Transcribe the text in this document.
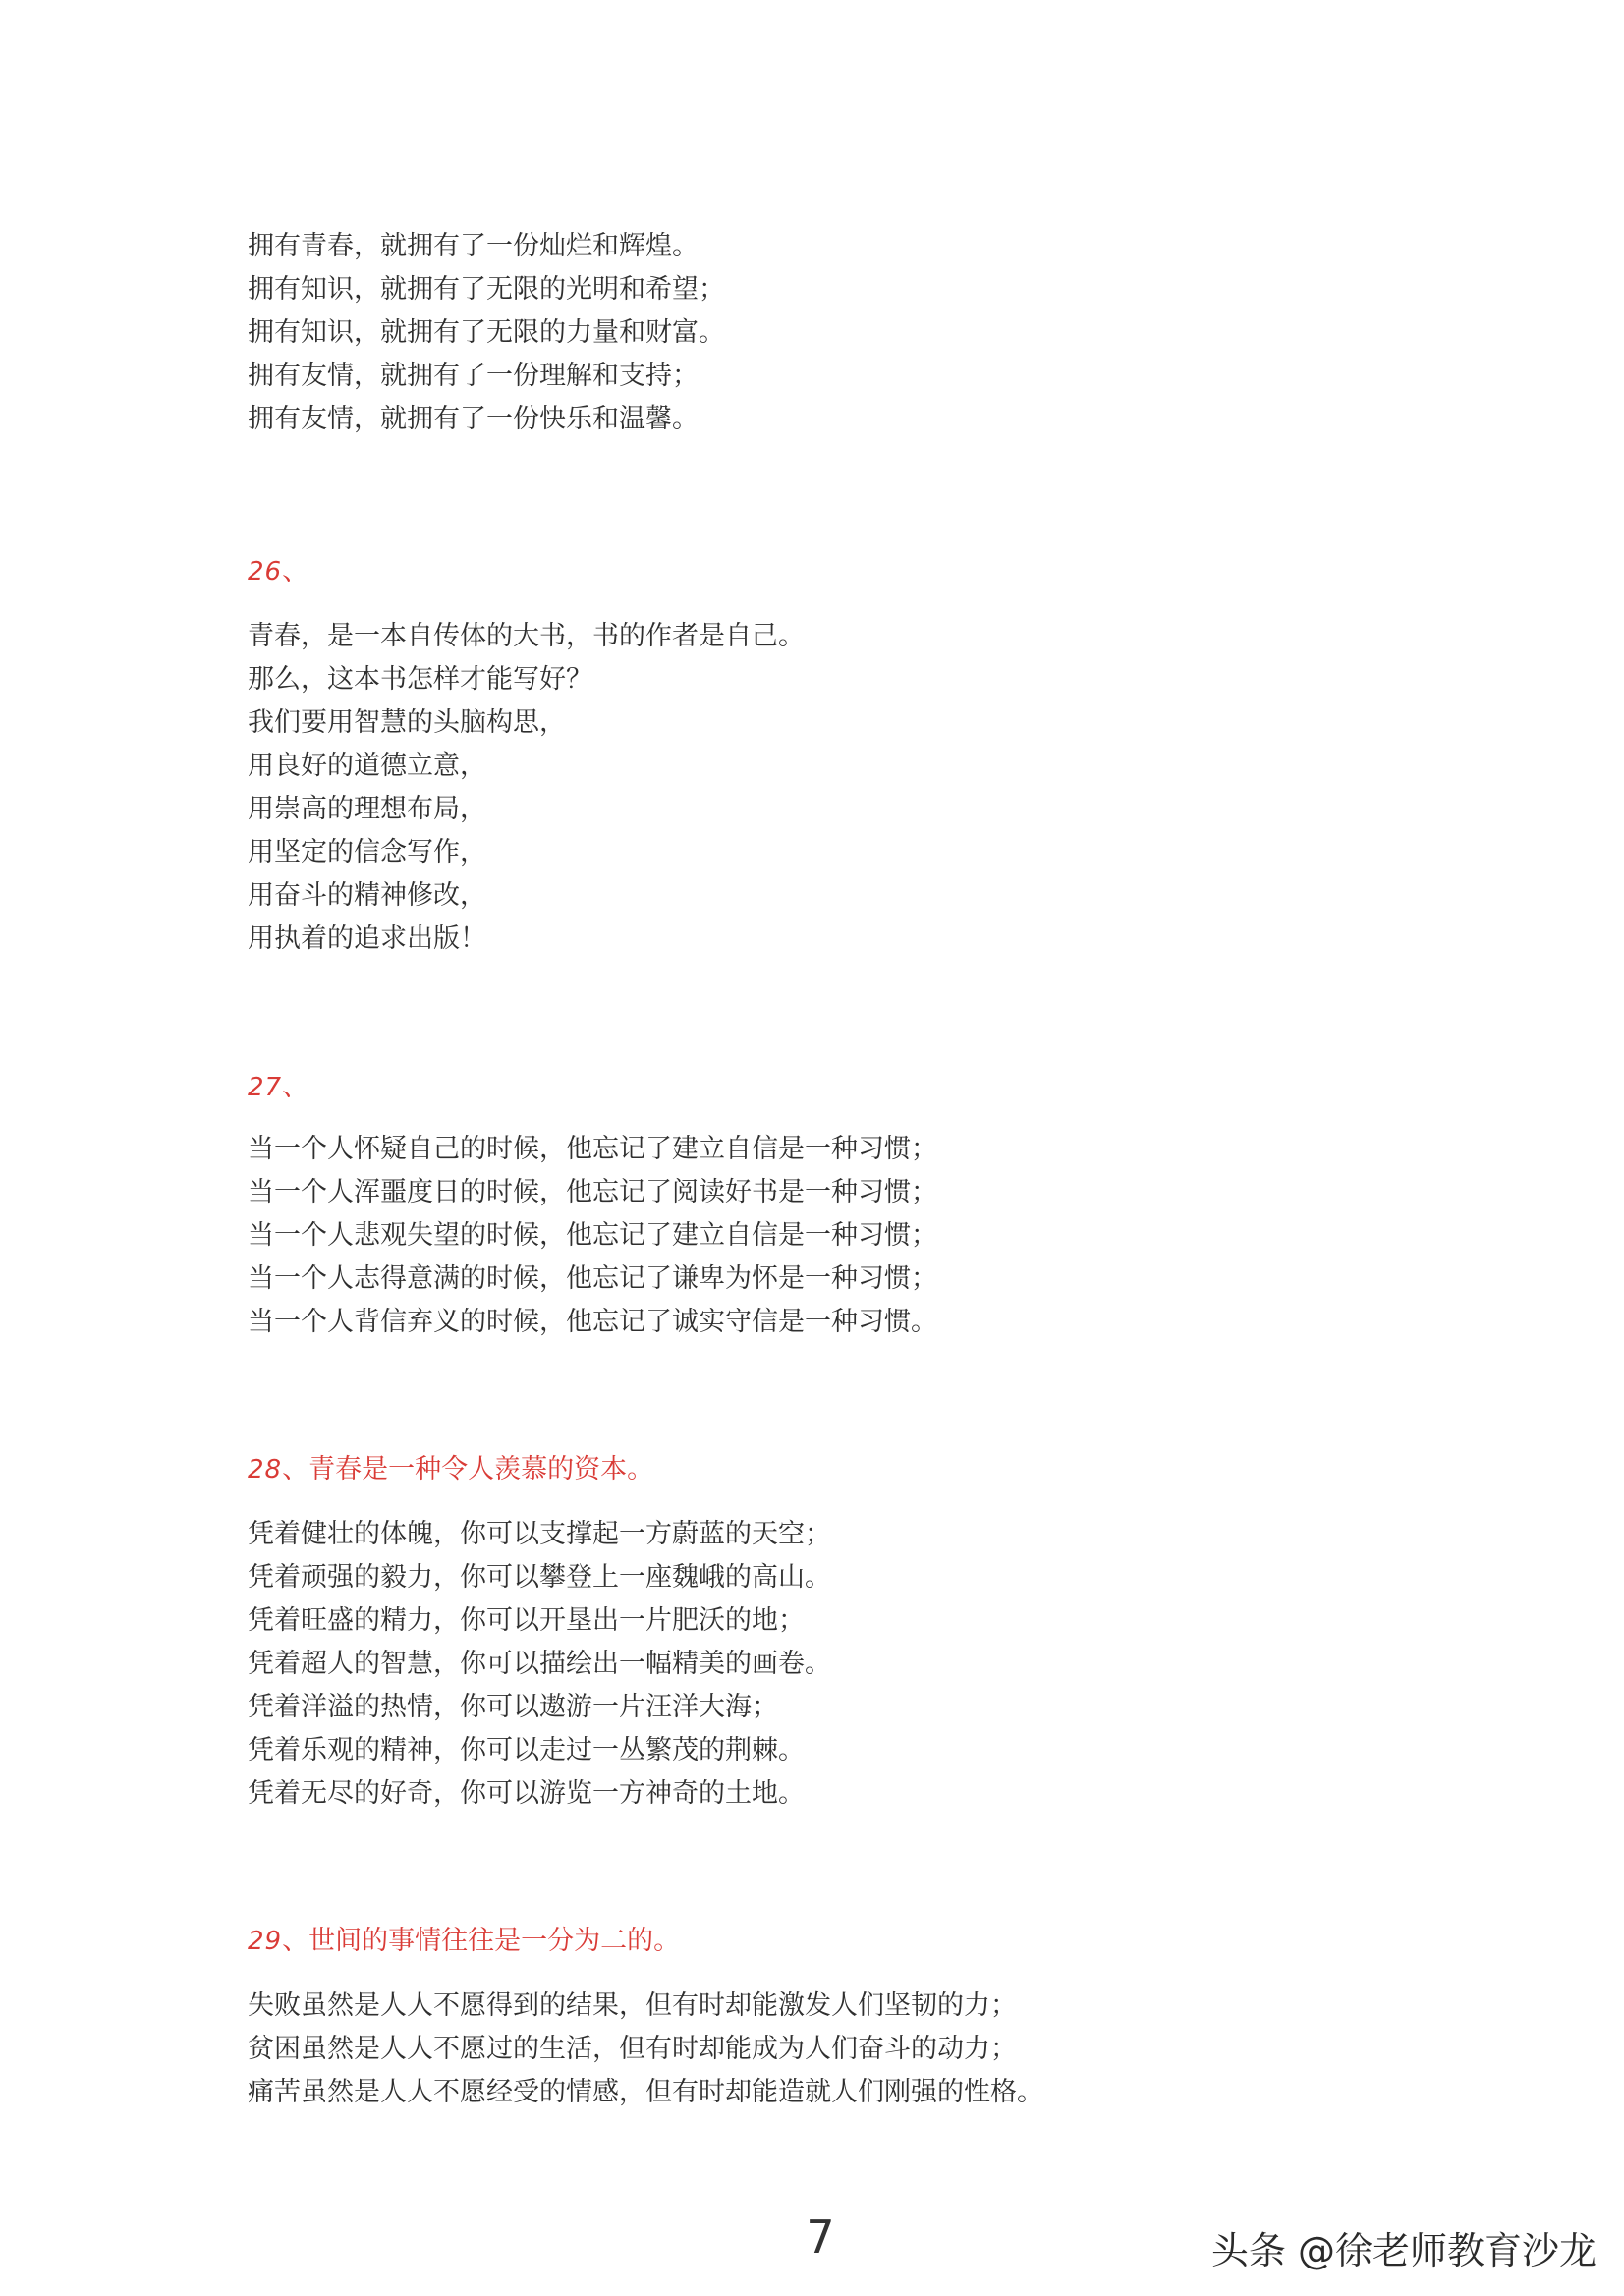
拥有青春，就拥有了一份灿烂和辉煌。
拥有知识，就拥有了无限的光明和希望；
拥有知识，就拥有了无限的力量和财富。
拥有友情，就拥有了一份理解和支持；
拥有友情，就拥有了一份快乐和温馨。
26、
青春，是一本自传体的大书，书的作者是自己。
那么，这本书怎样才能写好？
我们要用智慧的头脑构思，
用良好的道德立意，
用崇高的理想布局，
用坚定的信念写作，
用奋斗的精神修改，
用执着的追求出版！
27、
当一个人怀疑自己的时候，他忘记了建立自信是一种习惯；
当一个人浑噩度日的时候，他忘记了阅读好书是一种习惯；
当一个人悲观失望的时候，他忘记了建立自信是一种习惯；
当一个人志得意满的时候，他忘记了谦卑为怀是一种习惯；
当一个人背信弃义的时候，他忘记了诚实守信是一种习惯。
28、青春是一种令人羡慕的资本。
凭着健壮的体魄，你可以支撑起一方蔚蓝的天空；
凭着顽强的毅力，你可以攀登上一座魏峨的高山。
凭着旺盛的精力，你可以开垦出一片肥沃的地；
凭着超人的智慧，你可以描绘出一幅精美的画卷。
凭着洋溢的热情，你可以遨游一片汪洋大海；
凭着乐观的精神，你可以走过一丛繁茂的荆棘。
凭着无尽的好奇，你可以游览一方神奇的土地。
29、世间的事情往往是一分为二的。
失败虽然是人人不愿得到的结果，但有时却能激发人们坚韧的力；
贫困虽然是人人不愿过的生活，但有时却能成为人们奋斗的动力；
痛苦虽然是人人不愿经受的情感，但有时却能造就人们刚强的性格。
7	头条 @徐老师教育沙龙
